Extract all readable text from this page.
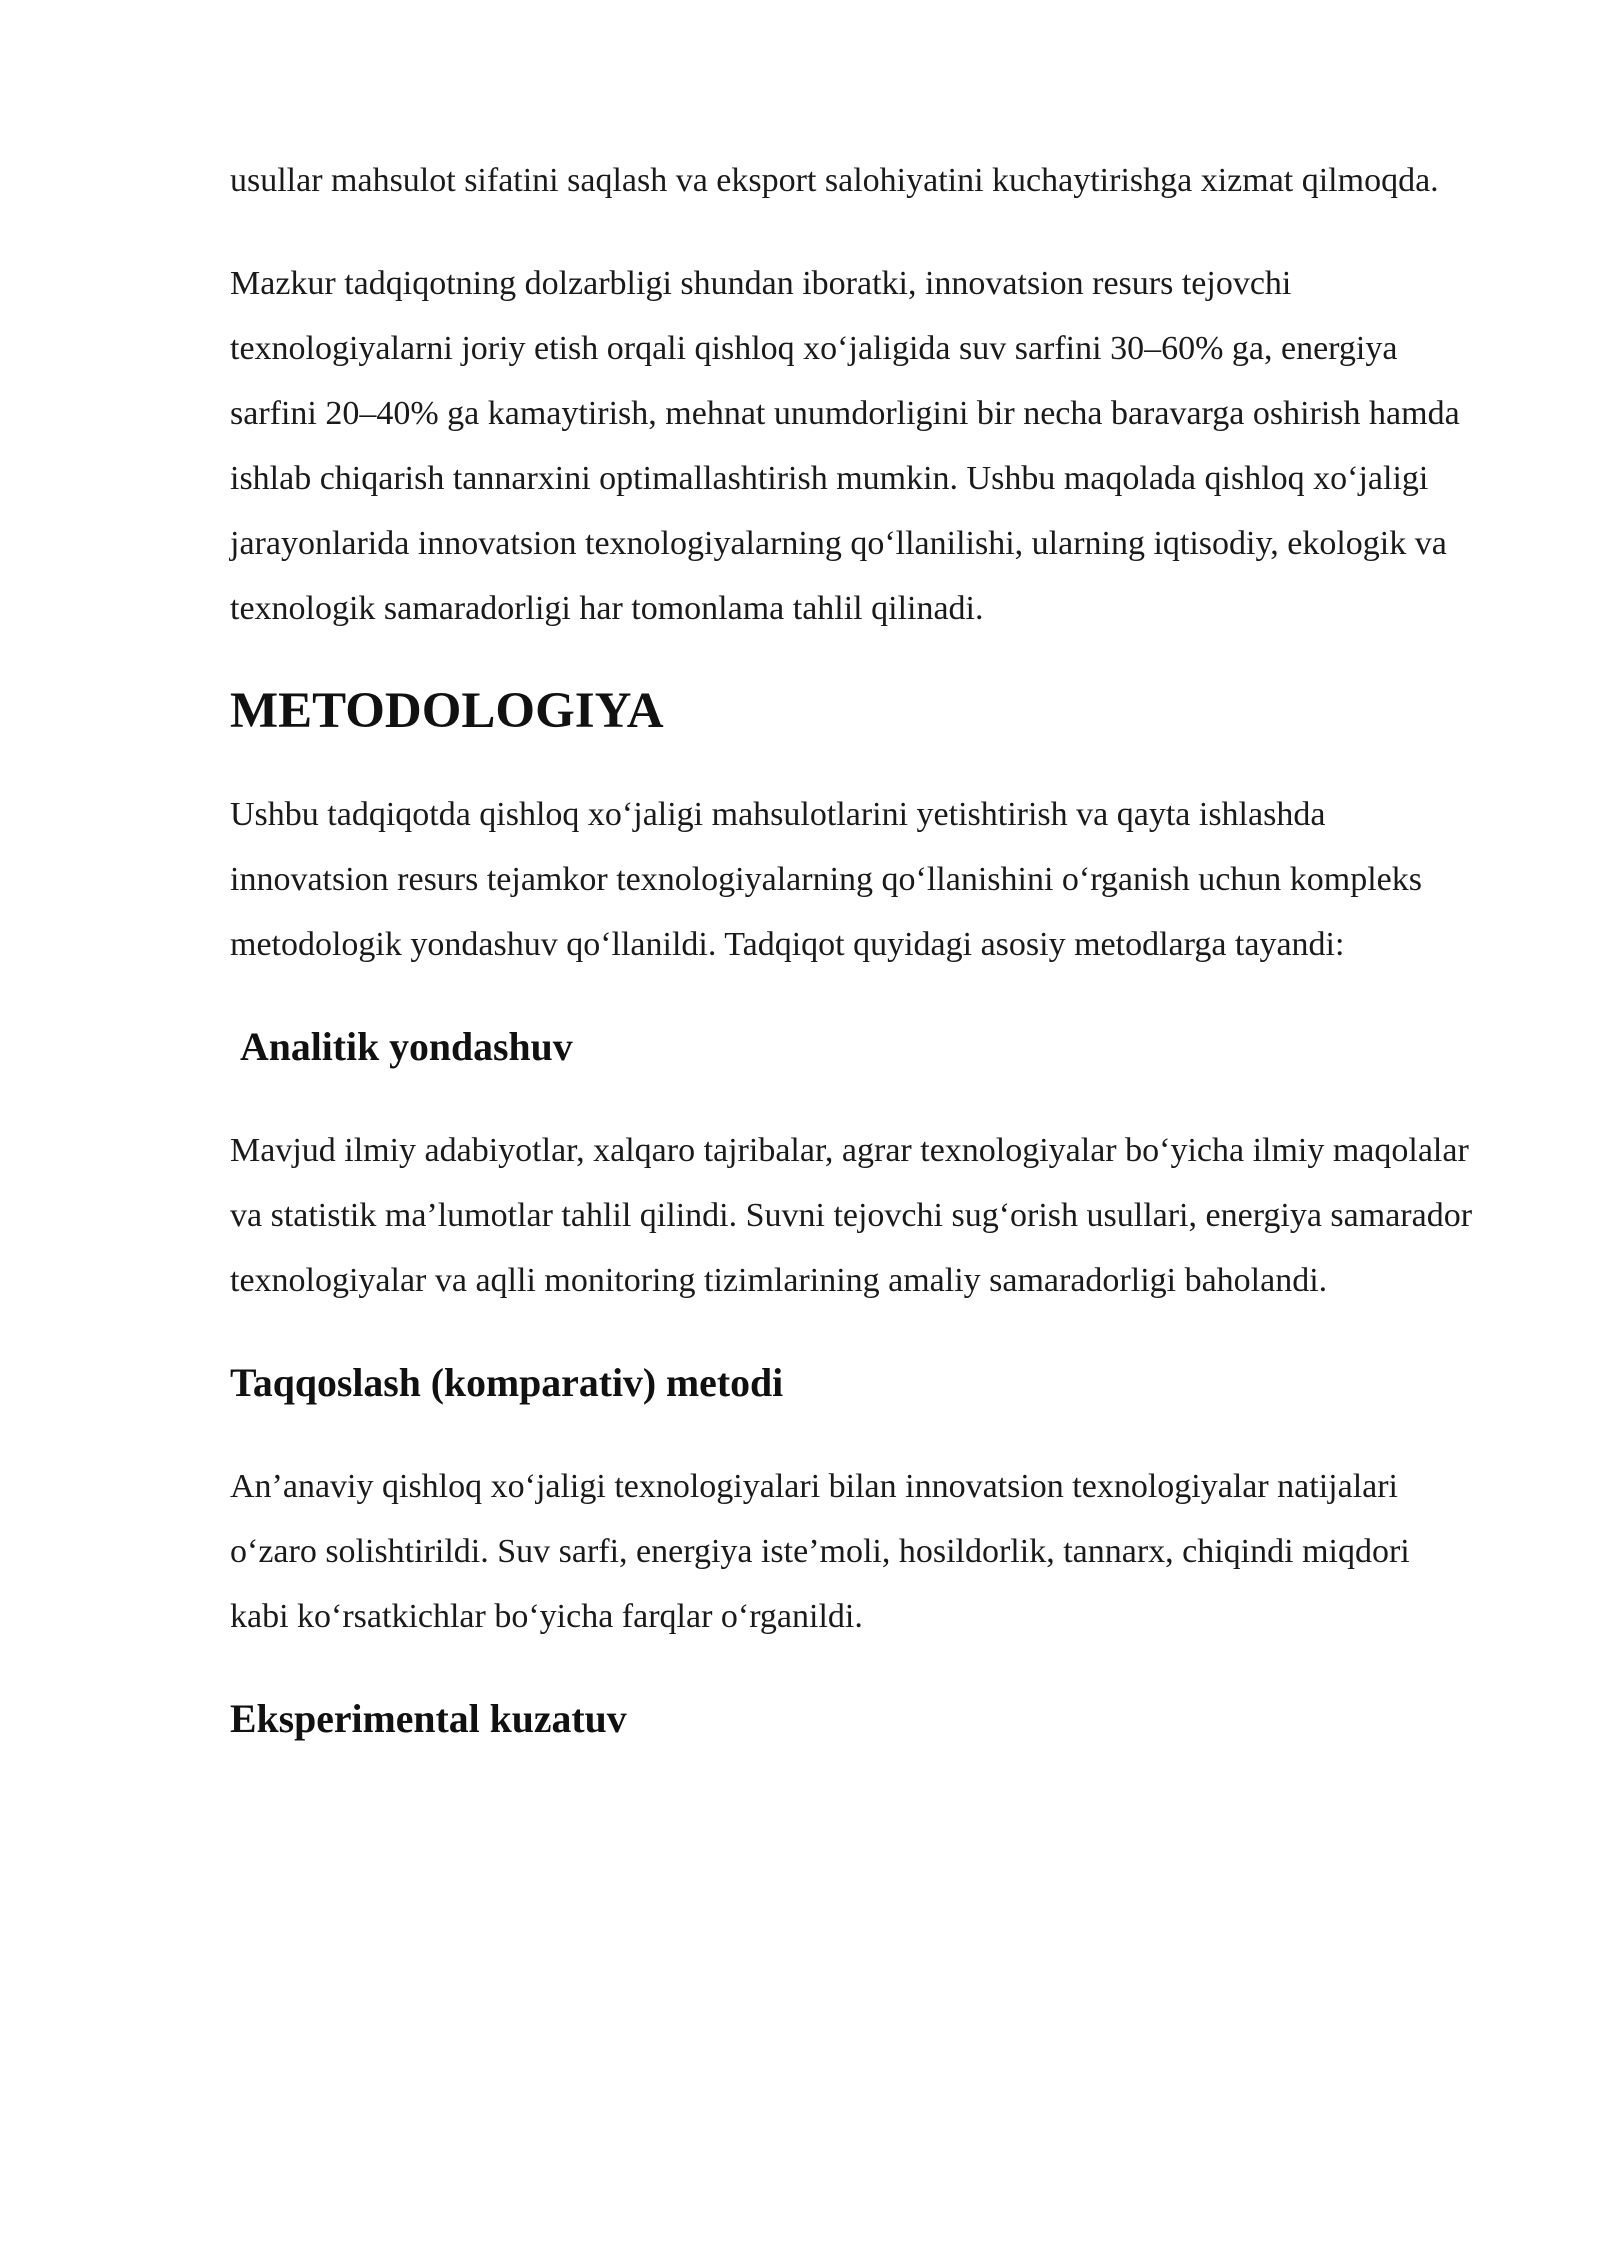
usullar mahsulot sifatini saqlash va eksport salohiyatini kuchaytirishga xizmat qilmoqda.

Mazkur tadqiqotning dolzarbligi shundan iboratki, innovatsion resurs tejovchi texnologiyalarni joriy etish orqali qishloq xo‘jaligida suv sarfini 30–60% ga, energiya sarfini 20–40% ga kamaytirish, mehnat unumdorligini bir necha baravarga oshirish hamda ishlab chiqarish tannarxini optimallashtirish mumkin. Ushbu maqolada qishloq xo‘jaligi jarayonlarida innovatsion texnologiyalarning qo‘llanilishi, ularning iqtisodiy, ekologik va texnologik samaradorligi har tomonlama tahlil qilinadi.

METODOLOGIYA

Ushbu tadqiqotda qishloq xo‘jaligi mahsulotlarini yetishtirish va qayta ishlashda innovatsion resurs tejamkor texnologiyalarning qo‘llanishini o‘rganish uchun kompleks metodologik yondashuv qo‘llanildi. Tadqiqot quyidagi asosiy metodlarga tayandi:

Analitik yondashuv

Mavjud ilmiy adabiyotlar, xalqaro tajribalar, agrar texnologiyalar bo‘yicha ilmiy maqolalar va statistik ma’lumotlar tahlil qilindi. Suvni tejovchi sug‘orish usullari, energiya samarador texnologiyalar va aqlli monitoring tizimlarining amaliy samaradorligi baholandi.

Taqqoslash (komparativ) metodi

An’anaviy qishloq xo‘jaligi texnologiyalari bilan innovatsion texnologiyalar natijalari o‘zaro solishtirildi. Suv sarfi, energiya iste’moli, hosildorlik, tannarx, chiqindi miqdori kabi ko‘rsatkichlar bo‘yicha farqlar o‘rganildi.

Eksperimental kuzatuv
